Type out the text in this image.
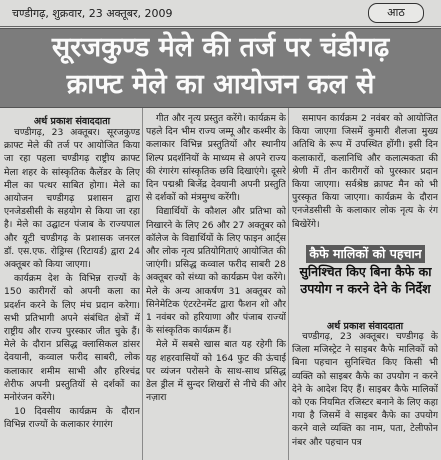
चण्डीगढ़, शुक्रवार, 23 अक्तूबर, 2009	आठ
सूरजकुण्ड मेले की तर्ज पर चंडीगढ़
क्राफ्ट मेले का आयोजन कल से
अर्थ प्रकाश संवाददाता

चण्डीगढ़, 23 अक्तूबर। सूरजकुण्ड क्राफ्ट मेले की तर्ज पर आयोजित किया जा रहा पहला चण्डीगढ़ राष्ट्रीय क्राफ्ट मेला शहर के सांस्कृतिक कैलेंडर के लिए मील का पत्थर साबित होगा। मेले का आयोजन चण्डीगढ़ प्रशासन द्वारा एनजेडसीसी के सहयोग से किया जा रहा है। मेले का उद्घाटन पंजाब के राज्यपाल और यूटी चण्डीगढ़ के प्रशासक जनरल डॉ. एस.एफ. रोड्रिग्स (रिटायर्ड) द्वारा 24 अक्तूबर को किया जाएगा।

कार्यक्रम देश के विभिन्न राज्यों के 150 कारीगरों को अपनी कला का प्रदर्शन करने के लिए मंच प्रदान करेगा। सभी प्रतिभागी अपने संबंधित क्षेत्रों में राष्ट्रीय और राज्य पुरस्कार जीत चुके हैं। मेले के दौरान प्रसिद्ध क्लासिकल डांसर देवयानी, कव्वाल फरीद साबरी, लोक कलाकार शमीम साभी और हरिश्चंद्र शेरीफ अपनी प्रस्तुतियों से दर्शकों का मनोरंजन करेंगे।

10 दिवसीय कार्यक्रम के दौरान विभिन्न राज्यों के कलाकार रंगारंग

गीत और नृत्य प्रस्तुत करेंगे। कार्यक्रम के पहले दिन भीम राज्य जम्मू और कश्मीर के कलाकार विभिन्न प्रस्तुतियों और स्थानीय शिल्प प्रदर्शनियों के माध्यम से अपने राज्य की रंगारंग सांस्कृतिक छवि दिखाएंगे। दूसरे दिन पद्मश्री बिजेंद्र देवयानी अपनी प्रस्तुति से दर्शकों को मंत्रमुग्ध करेंगी।

विद्यार्थियों के कौशल और प्रतिभा को निखारने के लिए 26 और 27 अक्तूबर को कॉलेज के विद्यार्थियों के लिए फाइन आर्ट्स और लोक नृत्य प्रतियोगिताएं आयोजित की जाएंगी। प्रसिद्ध कव्वाल फरीद साबरी 28 अक्तूबर को संध्या को कार्यक्रम पेश करेंगे। मेले के अन्य आकर्षण 31 अक्तूबर को सिनेमेटिक एंटरटेनमेंट द्वारा फैशन शो और 1 नवंबर को हरियाणा और पंजाब राज्यों के सांस्कृतिक कार्यक्रम हैं।

मेले में सबसे खास बात यह रहेगी कि यह शहरवासियों को 164 फुट की ऊंचाई पर व्यंजन परोसने के साथ-साथ प्रसिद्ध डेल ड्रील में सुन्दर शिखरों से नीचे की ओर नज़ारा

समापन कार्यक्रम 2 नवंबर को आयोजित किया जाएगा जिसमें कुमारी शैलजा मुख्य अतिथि के रूप में उपस्थित होंगी। इसी दिन कलाकारों, कलानिधि और कलात्मकता की श्रेणी में तीन कारीगरों को पुरस्कार प्रदान किया जाएगा। सर्वश्रेष्ठ क्राफ्ट मैन को भी पुरस्कृत किया जाएगा। कार्यक्रम के दौरान एनजेडसीसी के कलाकार लोक नृत्य के रंग बिखेरेंगे।

कैफे मालिकों को पहचान
सुनिश्चित किए बिना कैफे का
उपयोग न करने देने के निर्देश
अर्थ प्रकाश संवाददाता

चण्डीगढ़, 23 अक्तूबर। चण्डीगढ़ के जिला मजिस्ट्रेट ने साइबर कैफे मालिकों को बिना पहचान सुनिश्चित किए किसी भी व्यक्ति को साइबर कैफे का उपयोग न करने देने के आदेश दिए हैं। साइबर कैफे मालिकों को एक नियमित रजिस्टर बनाने के लिए कहा गया है जिसमें वे साइबर कैफे का उपयोग करने वाले व्यक्ति का नाम, पता, टेलीफोन नंबर और पहचान पत्र
